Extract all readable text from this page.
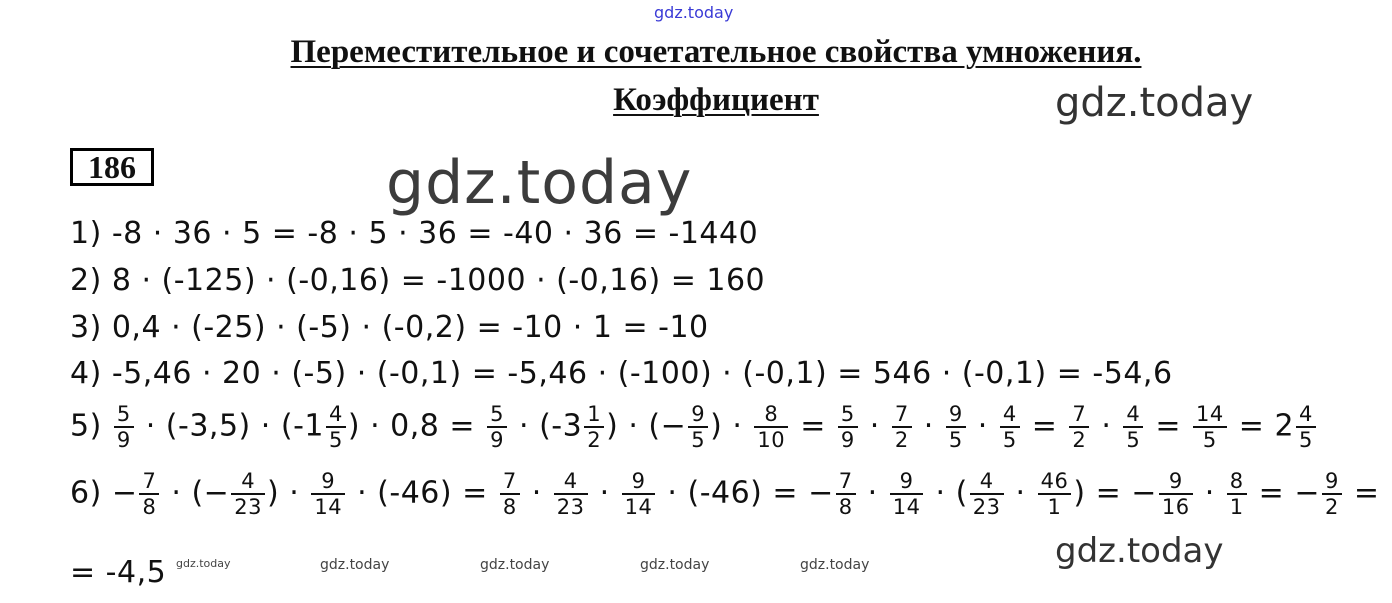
gdz.today
gdz.today
gdz.today
gdz.today
gdz.today	gdz.today	gdz.today	gdz.today	gdz.today
Переместительное и сочетательное свойства умножения.
Коэффициент
186
1) -8 · 36 · 5 = -8 · 5 · 36 = -40 · 36 = -1440
2) 8 · (-125) · (-0,16) = -1000 · (-0,16) = 160
3) 0,4 · (-25) · (-5) · (-0,2) = -10 · 1 = -10
4) -5,46 · 20 · (-5) · (-0,1) = -5,46 · (-100) · (-0,1) = 546 · (-0,1) = -54,6
$5) \frac{5}{9} \cdot (-3,5) \cdot (-1 \frac{4}{5}$ ) · $0,8 = \frac{5}{9} \cdot (-3 \frac{1}{2}$ ) · (− $\frac{9}{5}$ ) · $\frac{8}{10} = \frac{5}{9} \cdot \frac{7}{2} \cdot \frac{9}{5} \cdot \frac{4}{5} = \frac{7}{2} \cdot \frac{4}{5} = \frac{14}{5} = 2 \frac{4}{5}$
$6) - \frac{7}{8}$ · (− $\frac{4}{23}$ ) · $\frac{9}{14} \cdot (-46) = \frac{7}{8} \cdot \frac{4}{23} \cdot \frac{9}{14} \cdot (-46)$ = − $\frac{7}{8} \cdot \frac{9}{14}$ · ( $\frac{4}{23} \cdot \frac{46}{1}$ ) = − $\frac{9}{16} \cdot \frac{8}{1}$ = − $\frac{9}{2}$ =
= -4,5
